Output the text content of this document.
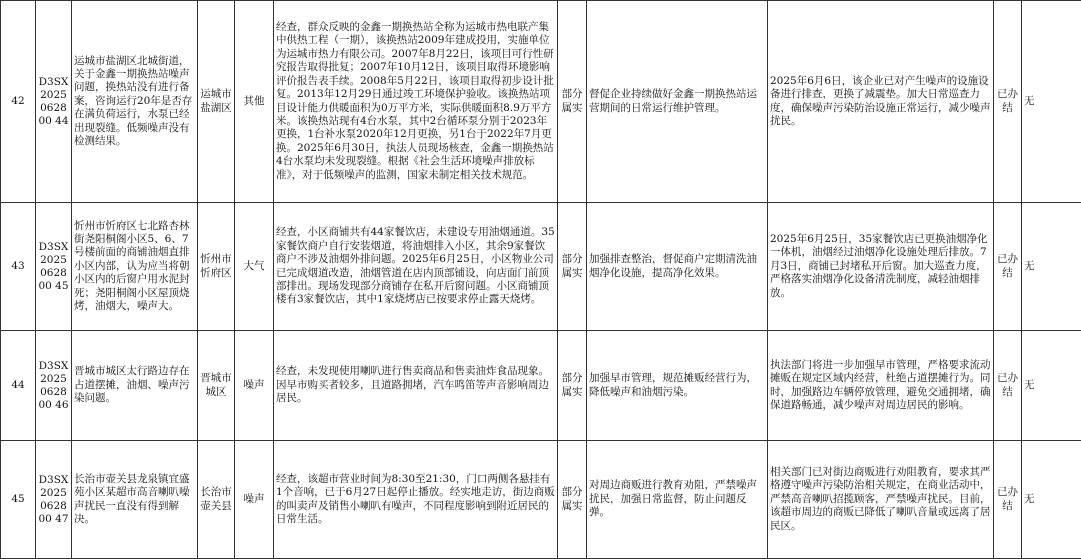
42	D3SX2025062800 44	运城市盐湖区北城街道，关于金鑫一期换热站噪声问题，换热站没有进行备案，咨询运行20年是否存在满负荷运行，水泵已经出现裂缝。低频噪声没有检测结果。	运城市盐湖区	其他	经查，群众反映的金鑫一期换热站全称为运城市热电联产集中供热工程（一期），该换热站2009年建成投用，实施单位为运城市热力有限公司。2007年8月22日，该项目可行性研究报告取得批复；2007年10月12日，该项目取得环境影响评价报告表手续。2008年5月22日，该项目取得初步设计批复。2013年12月29日通过竣工环境保护验收。该换热站项目设计能力供暖面积为0万平方米，实际供暖面积8.9万平方米。该换热站现有4台水泵，其中2台循环泵分别于2023年更换，1台补水泵2020年12月更换，另1台于2022年7月更换。2025年6月30日，执法人员现场核查，金鑫一期换热站4台水泵均未发现裂缝。根据《社会生活环境噪声排放标准》，对于低频噪声的监测，国家未制定相关技术规范。	部分属实	督促企业持续做好金鑫一期换热站运营期间的日常运行维护管理。	2025年6月6日，该企业已对产生噪声的设施设备进行排查，更换了减震垫。加大日常巡查力度，确保噪声污染防治设施正常运行，减少噪声扰民。	已办结	无
43	D3SX2025062800 45	忻州市忻府区七北路杏林街尧阳桐阁小区5、6、7号楼前面的商铺油烟直排小区内部，认为应当将朝小区内的后窗户用水泥封死；尧阳桐阁小区屋顶烧烤，油烟大，噪声大。	忻州市忻府区	大气	经查，小区商铺共有44家餐饮店，未建设专用油烟通道。35家餐饮商户自行安装烟道，将油烟排入小区，其余9家餐饮商户不涉及油烟外排问题。2025年6月25日，小区物业公司已完成烟道改造，油烟管道在店内顶部铺设，向店面门前顶部排出。现场发现部分商铺存在私开后窗问题。小区商铺顶楼有3家餐饮店，其中1家烧烤店已按要求停止露天烧烤。	部分属实	加强排查整治，督促商户定期清洗油烟净化设施，提高净化效果。	2025年6月25日，35家餐饮店已更换油烟净化一体机，油烟经过油烟净化设施处理后排放。7月3日，商铺已封堵私开后窗。加大巡查力度，严格落实油烟净化设备清洗制度，减轻油烟排放。	已办结	无
44	D3SX2025062800 46	晋城市城区太行路边存在占道摆摊，油烟、噪声污染问题。	晋城市城区	噪声	经查，未发现使用喇叭进行售卖商品和售卖油炸食品现象。因早市购买者较多，且道路拥堵，汽车鸣笛等声音影响周边居民。	部分属实	加强早市管理，规范摊贩经营行为，降低噪声和油烟污染。	执法部门将进一步加强早市管理，严格要求流动摊贩在规定区域内经营，杜绝占道摆摊行为。同时，加强路边车辆停放管理，避免交通拥堵，确保道路畅通，减少噪声对周边居民的影响。	已办结	无
45	D3SX2025062800 47	长治市壶关县龙泉镇宜盛苑小区某超市高音喇叭噪声扰民一直没有得到解决。	长治市壶关县	噪声	经查，该超市营业时间为8:30至21:30，门口两侧各悬挂有1个音响，已于6月27日起停止播放。经实地走访，街边商贩的叫卖声及销售小喇叭有噪声，不同程度影响到附近居民的日常生活。	部分属实	对周边商贩进行教育劝阻，严禁噪声扰民，加强日常监督，防止问题反弹。	相关部门已对街边商贩进行劝阻教育，要求其严格遵守噪声污染防治相关规定，在商业活动中，严禁高音喇叭招揽顾客，严禁噪声扰民。目前，该超市周边的商贩已降低了喇叭音量或远离了居民区。	已办结	无
